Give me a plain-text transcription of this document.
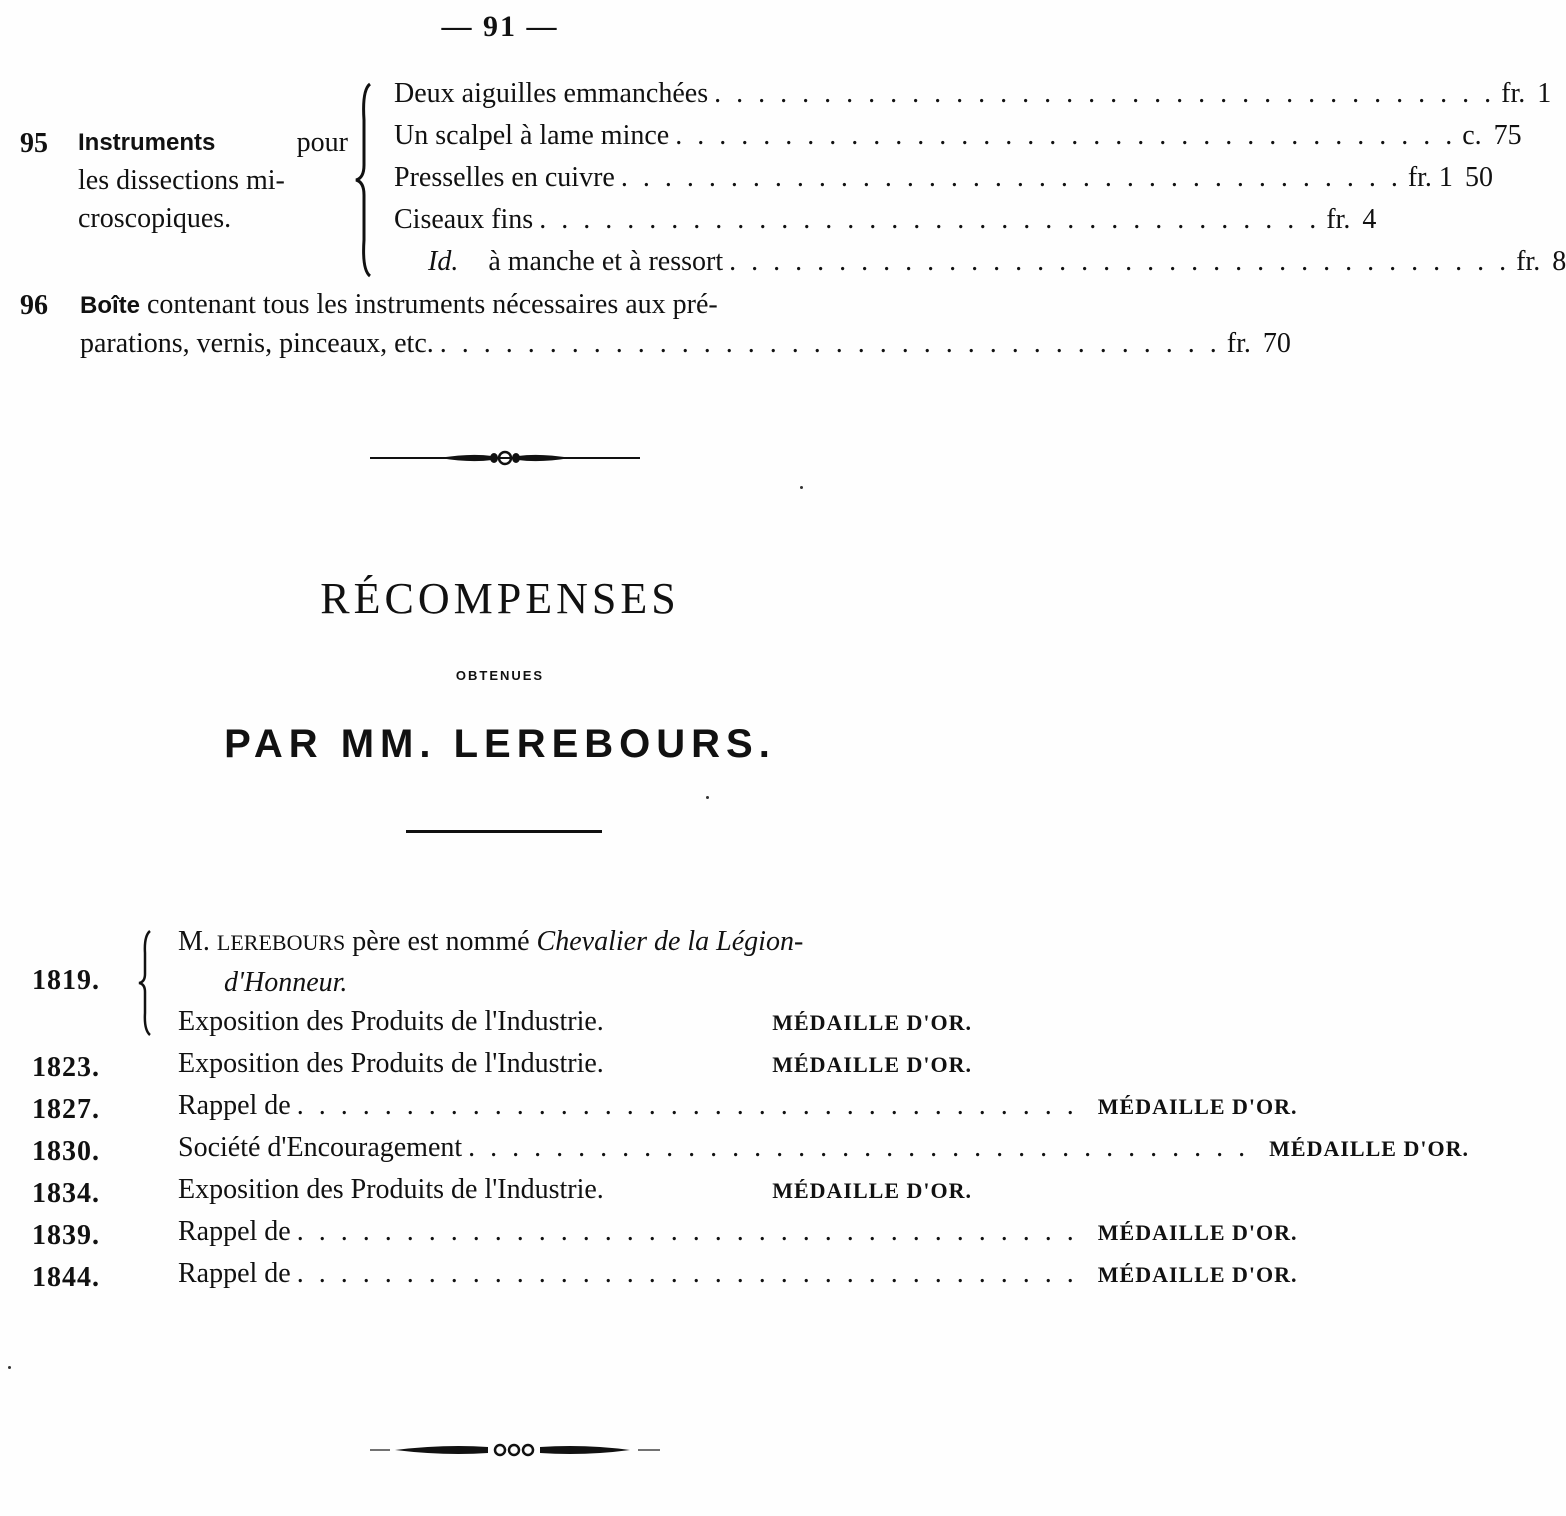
— 91 —
95 Instruments	pour
les dissections mi-
croscopiques.
Deux aiguilles emmanchées . . . . . . . . . . . . . . . . . . . . . . . . . . . . . . . . . . . . fr. 1
Un scalpel à lame mince . . . . . . . . . . . . . . . . . . . . . . . . . . . . . . . . . . . . c. 75
Presselles en cuivre . . . . . . . . . . . . . . . . . . . . . . . . . . . . . . . . . . . . fr. 1 50
Ciseaux fins . . . . . . . . . . . . . . . . . . . . . . . . . . . . . . . . . . . . fr. 4
Id. à manche et à ressort . . . . . . . . . . . . . . . . . . . . . . . . . . . . . . . . . . . . fr. 8
96 Boîte contenant tous les instruments nécessaires aux pré-
parations, vernis, pinceaux, etc. . . . . . . . . . . . . . . . . . . . . . . . . . . . . . . . . . . . . fr. 70
RÉCOMPENSES
OBTENUES
PAR MM. LEREBOURS.
1819.
M. LEREBOURS père est nommé Chevalier de la Légion-
d'Honneur.
Exposition des Produits de l'Industrie.	MÉDAILLE D'OR.
1823.	Exposition des Produits de l'Industrie.	MÉDAILLE D'OR.
1827.	Rappel de . . . . . . . . . . . . . . . . . . . . . . . . . . . . . . . . . . . . MÉDAILLE D'OR.
1830.	Société d'Encouragement . . . . . . . . . . . . . . . . . . . . . . . . . . . . . . . . . . . . MÉDAILLE D'OR.
1834.	Exposition des Produits de l'Industrie.	MÉDAILLE D'OR.
1839.	Rappel de . . . . . . . . . . . . . . . . . . . . . . . . . . . . . . . . . . . . MÉDAILLE D'OR.
1844.	Rappel de . . . . . . . . . . . . . . . . . . . . . . . . . . . . . . . . . . . . MÉDAILLE D'OR.
